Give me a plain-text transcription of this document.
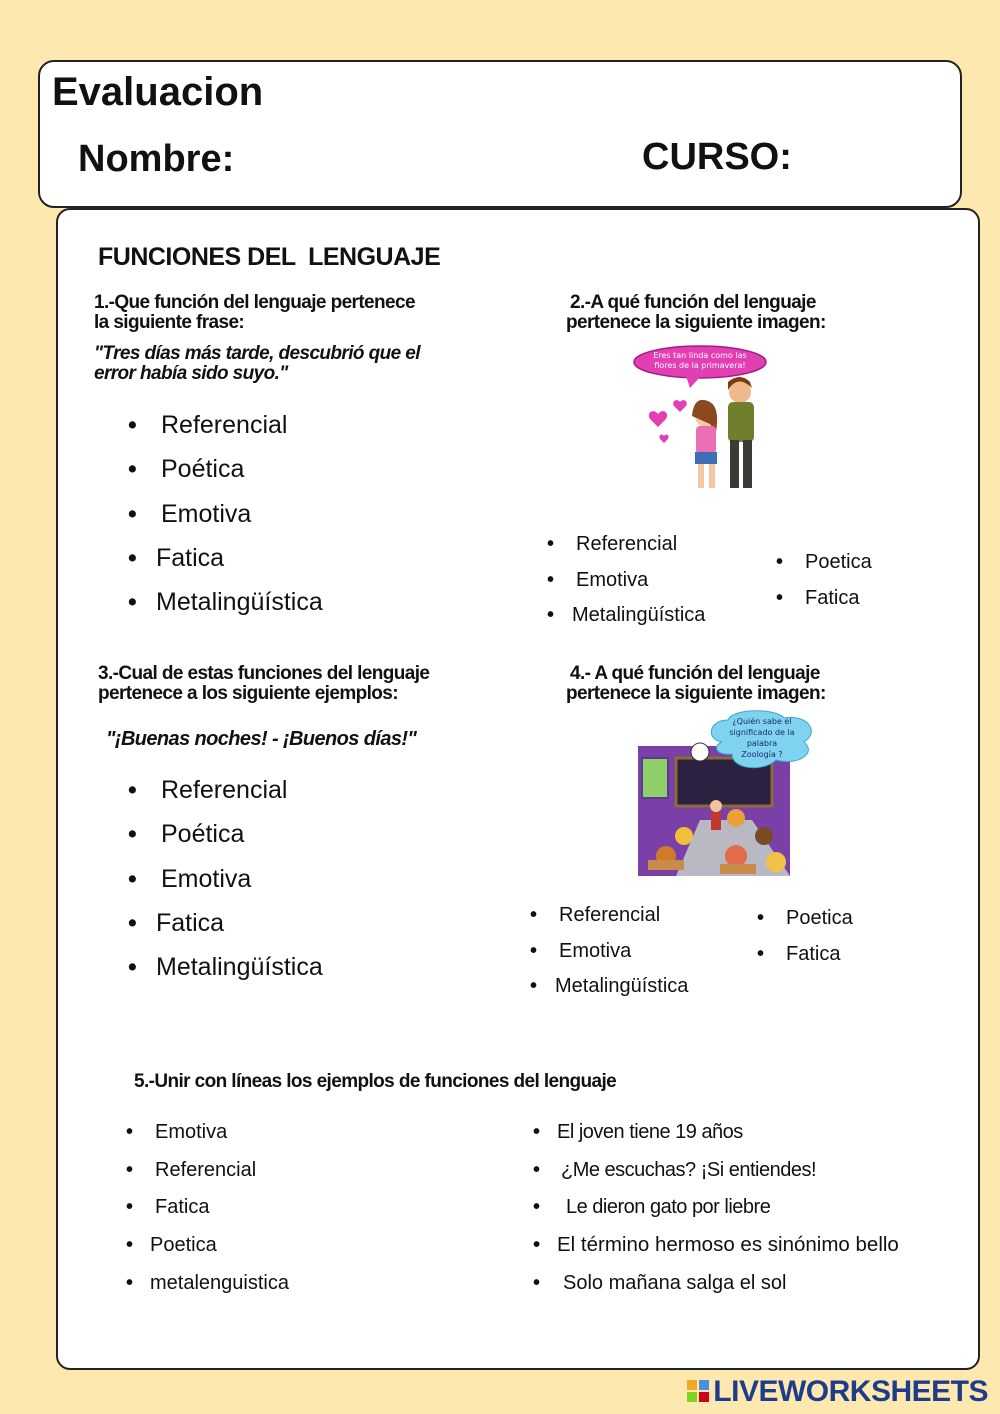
Evaluacion
Nombre:	CURSO:
FUNCIONES DEL  LENGUAJE
1.-Que función del lenguaje pertenece
la siguiente frase:
"Tres días más tarde, descubrió que el
error había sido suyo."
• Referencial
• Poética
• Emotiva
• Fatica
• Metalingüística
2.-A qué función del lenguaje
pertenece la siguiente imagen:
Eres tan linda como las
flores de la primavera!
• Referencial
• Emotiva
• Metalingüística
• Poetica
• Fatica
3.-Cual de estas funciones del lenguaje
pertenece a los siguiente ejemplos:
"¡Buenas noches! - ¡Buenos días!"
• Referencial
• Poética
• Emotiva
• Fatica
• Metalingüística
4.- A qué función del lenguaje
pertenece la siguiente imagen:
¿Quién sabe el
significado de la
palabra
Zoología ?
• Referencial
• Emotiva
• Metalingüística
• Poetica
• Fatica
5.-Unir con líneas los ejemplos de funciones del lenguaje
• Emotiva
• Referencial
• Fatica
• Poetica
• metalenguistica
• El joven tiene 19 años
• ¿Me escuchas? ¡Si entiendes!
• Le dieron gato por liebre
• El término hermoso es sinónimo bello
• Solo mañana salga el sol
LIVEWORKSHEETS
